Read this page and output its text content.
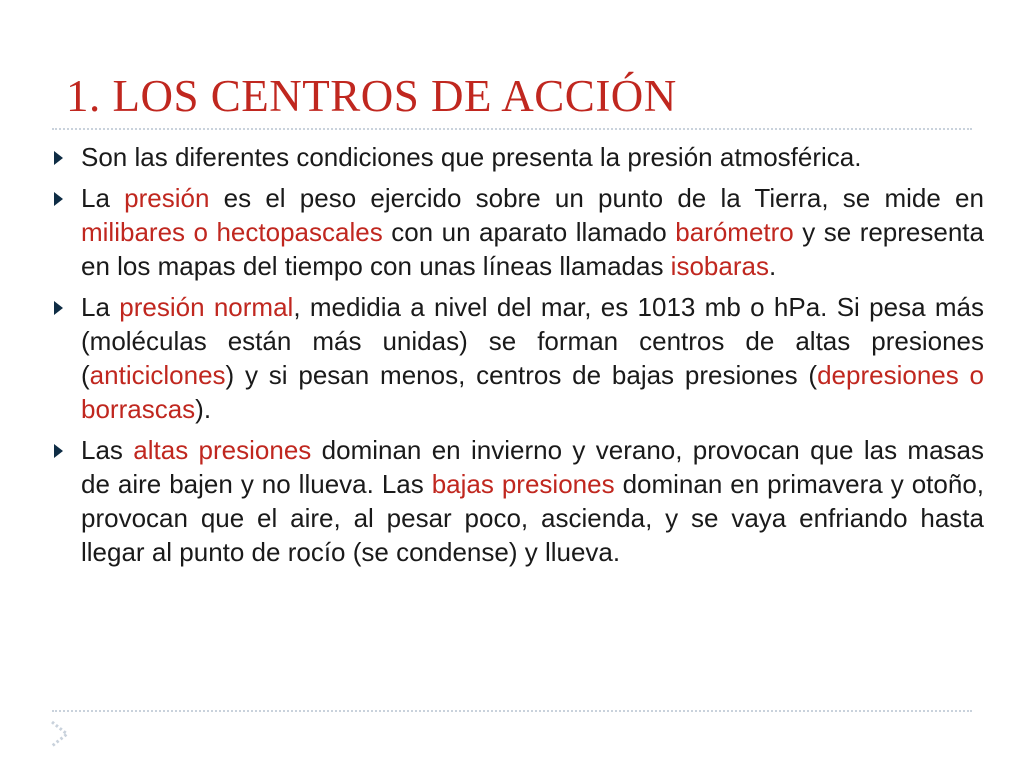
1. LOS CENTROS DE ACCIÓN
Son las diferentes condiciones que presenta la presión atmosférica.
La presión es el peso ejercido sobre un punto de la Tierra, se mide en milibares o hectopascales con un aparato llamado barómetro y se representa en los mapas del tiempo con unas líneas llamadas isobaras.
La presión normal, medidia a nivel del mar, es 1013 mb o hPa. Si pesa más (moléculas están más unidas) se forman centros de altas presiones (anticiclones) y si pesan menos, centros de bajas presiones (depresiones o borrascas).
Las altas presiones dominan en invierno y verano, provocan que las masas de aire bajen y no llueva. Las bajas presiones dominan en primavera y otoño, provocan que el aire, al pesar poco, ascienda, y se vaya enfriando hasta llegar al punto de rocío (se condense) y llueva.
